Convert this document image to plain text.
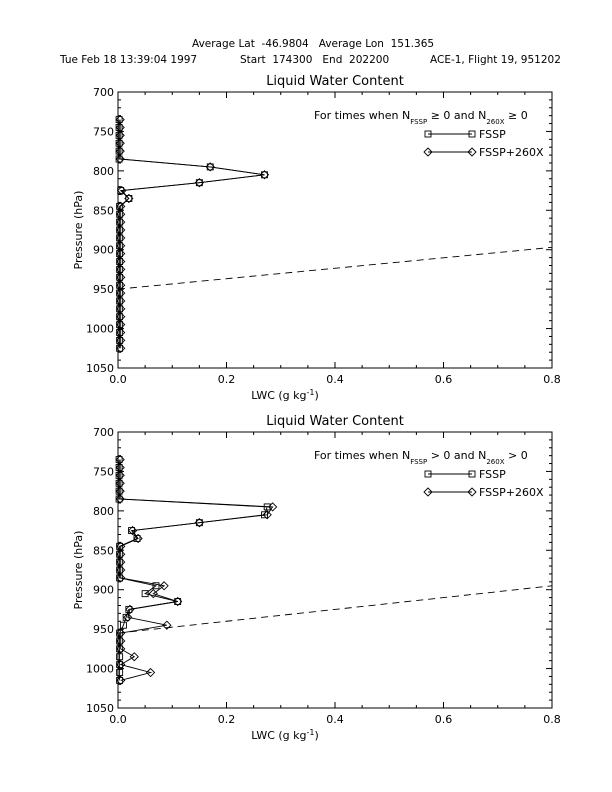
Average Lat  -46.9804   Average Lon  151.365
Tue Feb 18 13:39:04 1997	Start  174300   End  202200	ACE-1, Flight 19, 951202
Liquid Water Content
700
750
800
850
900
950
1000
1050
0.0	0.2	0.4	0.6	0.8
LWC (g $kg^{-1}$)
Pressure (hPa)
For times when $N_{FSSP} \ge 0$ and $N_{260X} \ge 0$
FSSP
FSSP+260X
Liquid Water Content
700
750
800
850
900
950
1000
1050
0.0	0.2	0.4	0.6	0.8
LWC (g $kg^{-1}$)
Pressure (hPa)
For times when $N_{FSSP} > 0$ and $N_{260X} > 0$
FSSP
FSSP+260X
